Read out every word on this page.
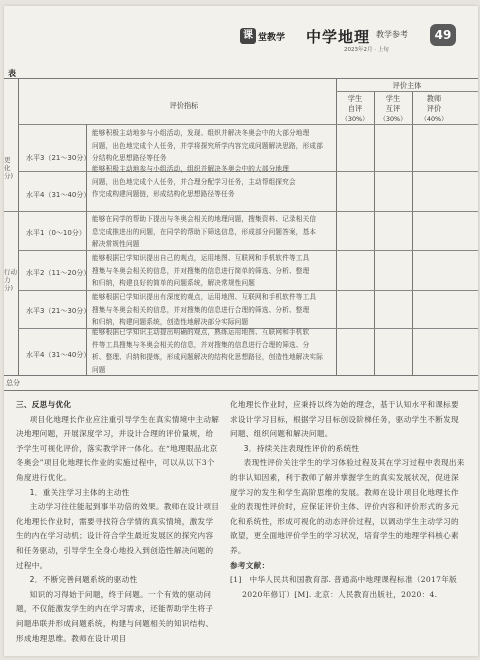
课 堂教学 中学地理 教学参考
2023年2月 · 上旬
49
表
评价指标
评价主体
学生
自评
（30%）
学生
互评
（30%）
教师
评价
（40%）
更
化
分)
行动
力
分)
水平3（21～30分）
能够积极主动地参与小组活动，发现、组织并解决冬奥会中的大部分地理
问题，出色地完成个人任务，并学将探究所学内容完成问题解决思路，形成部
分结构化思想路径等任务
水平4（31～40分）
能够积极主动地参与小组活动，组织并解决冬奥会中的大部分地理
问题，出色地完成个人任务，并合理分配学习任务，主动帮组探究会
作完成构建问题链，形成结构化思想路径等任务
水平1（0～10分）
能够在同学的帮助下提出与冬奥会相关的地理问题，搜集资料、记录相关信
息完成推进出的问题，在同学的帮助下筛选信息，形成部分问题答案，基本
解决常规性问题
水平2（11～20分）
能够根据已学知识提出自己的观点，运用地图、互联网和手机软件等工具
搜集与冬奥会相关的信息，并对搜集的信息进行简单的筛选、分析、整理
和归纳，构建良好的简单的问题系统，解决常规性问题
水平3（21～30分）
能够根据已学知识提出有深度的观点，运用地图、互联网和手机软件等工具
搜集与冬奥会相关的信息，并对搜集的信息进行合理的筛选、分析、整理
和归纳，构建问题系统，创造性地解决部分实际问题
水平4（31～40分）
能够根据已学知识主动提出明确的观点，熟练运用地图、互联网和手机软
件等工具搜集与冬奥会相关的信息，并对搜集的信息进行合理的筛选、分
析、整理、归纳和提炼，形成问题解决的结构化思想路径，创造性地解决实际
问题
总分

三、反思与优化

项目化地理长作业应注重引导学生在真实情境中主动解决地理问题，开展深度学习，并设计合理的评价量规，给予学生可视化评价，落实教学评一体化。在“地理眼品北京冬奥会”项目化地理长作业的实施过程中，可以从以下3个角度进行优化。

1．重关注学习主体的主动性

主动学习往往能起到事半功倍的效果。教师在设计项目化地理长作业时，需要寻找符合学情的真实情境，激发学生的内在学习动机；设计符合学生最近发展区的探究内容和任务驱动，引导学生全身心地投入到创造性解决问题的过程中。

2．不断完善问题系统的驱动性

知识的习得始于问题，终于问题。一个有效的驱动问题，不仅能激发学生的内在学习需求，还能帮助学生将子问题串联并形成问题系统，构建与问题相关的知识结构、形成地理思维。教师在设计项目

化地理长作业时，应秉持以终为始的理念，基于认知水平和课标要求设计学习目标，根据学习目标创设阶梯任务，驱动学生不断发现问题、组织问题和解决问题。

3．持续关注表现性评价的系统性

表现性评价关注学生的学习体验过程及其在学习过程中表现出来的非认知因素，利于教师了解并掌握学生的真实发展状况，促进深度学习的发生和学生高阶思维的发展。教师在设计项目化地理长作业的表现性评价时，应保证评价主体、评价内容和评价形式的多元化和系统性，形成可视化的动态评价过程，以调动学生主动学习的欲望，更全面地评价学生的学习状况，培育学生的地理学科核心素养。

参考文献：

[1]　中华人民共和国教育部. 普通高中地理课程标准（2017年版2020年修订）[M]. 北京：人民教育出版社，2020：4.
